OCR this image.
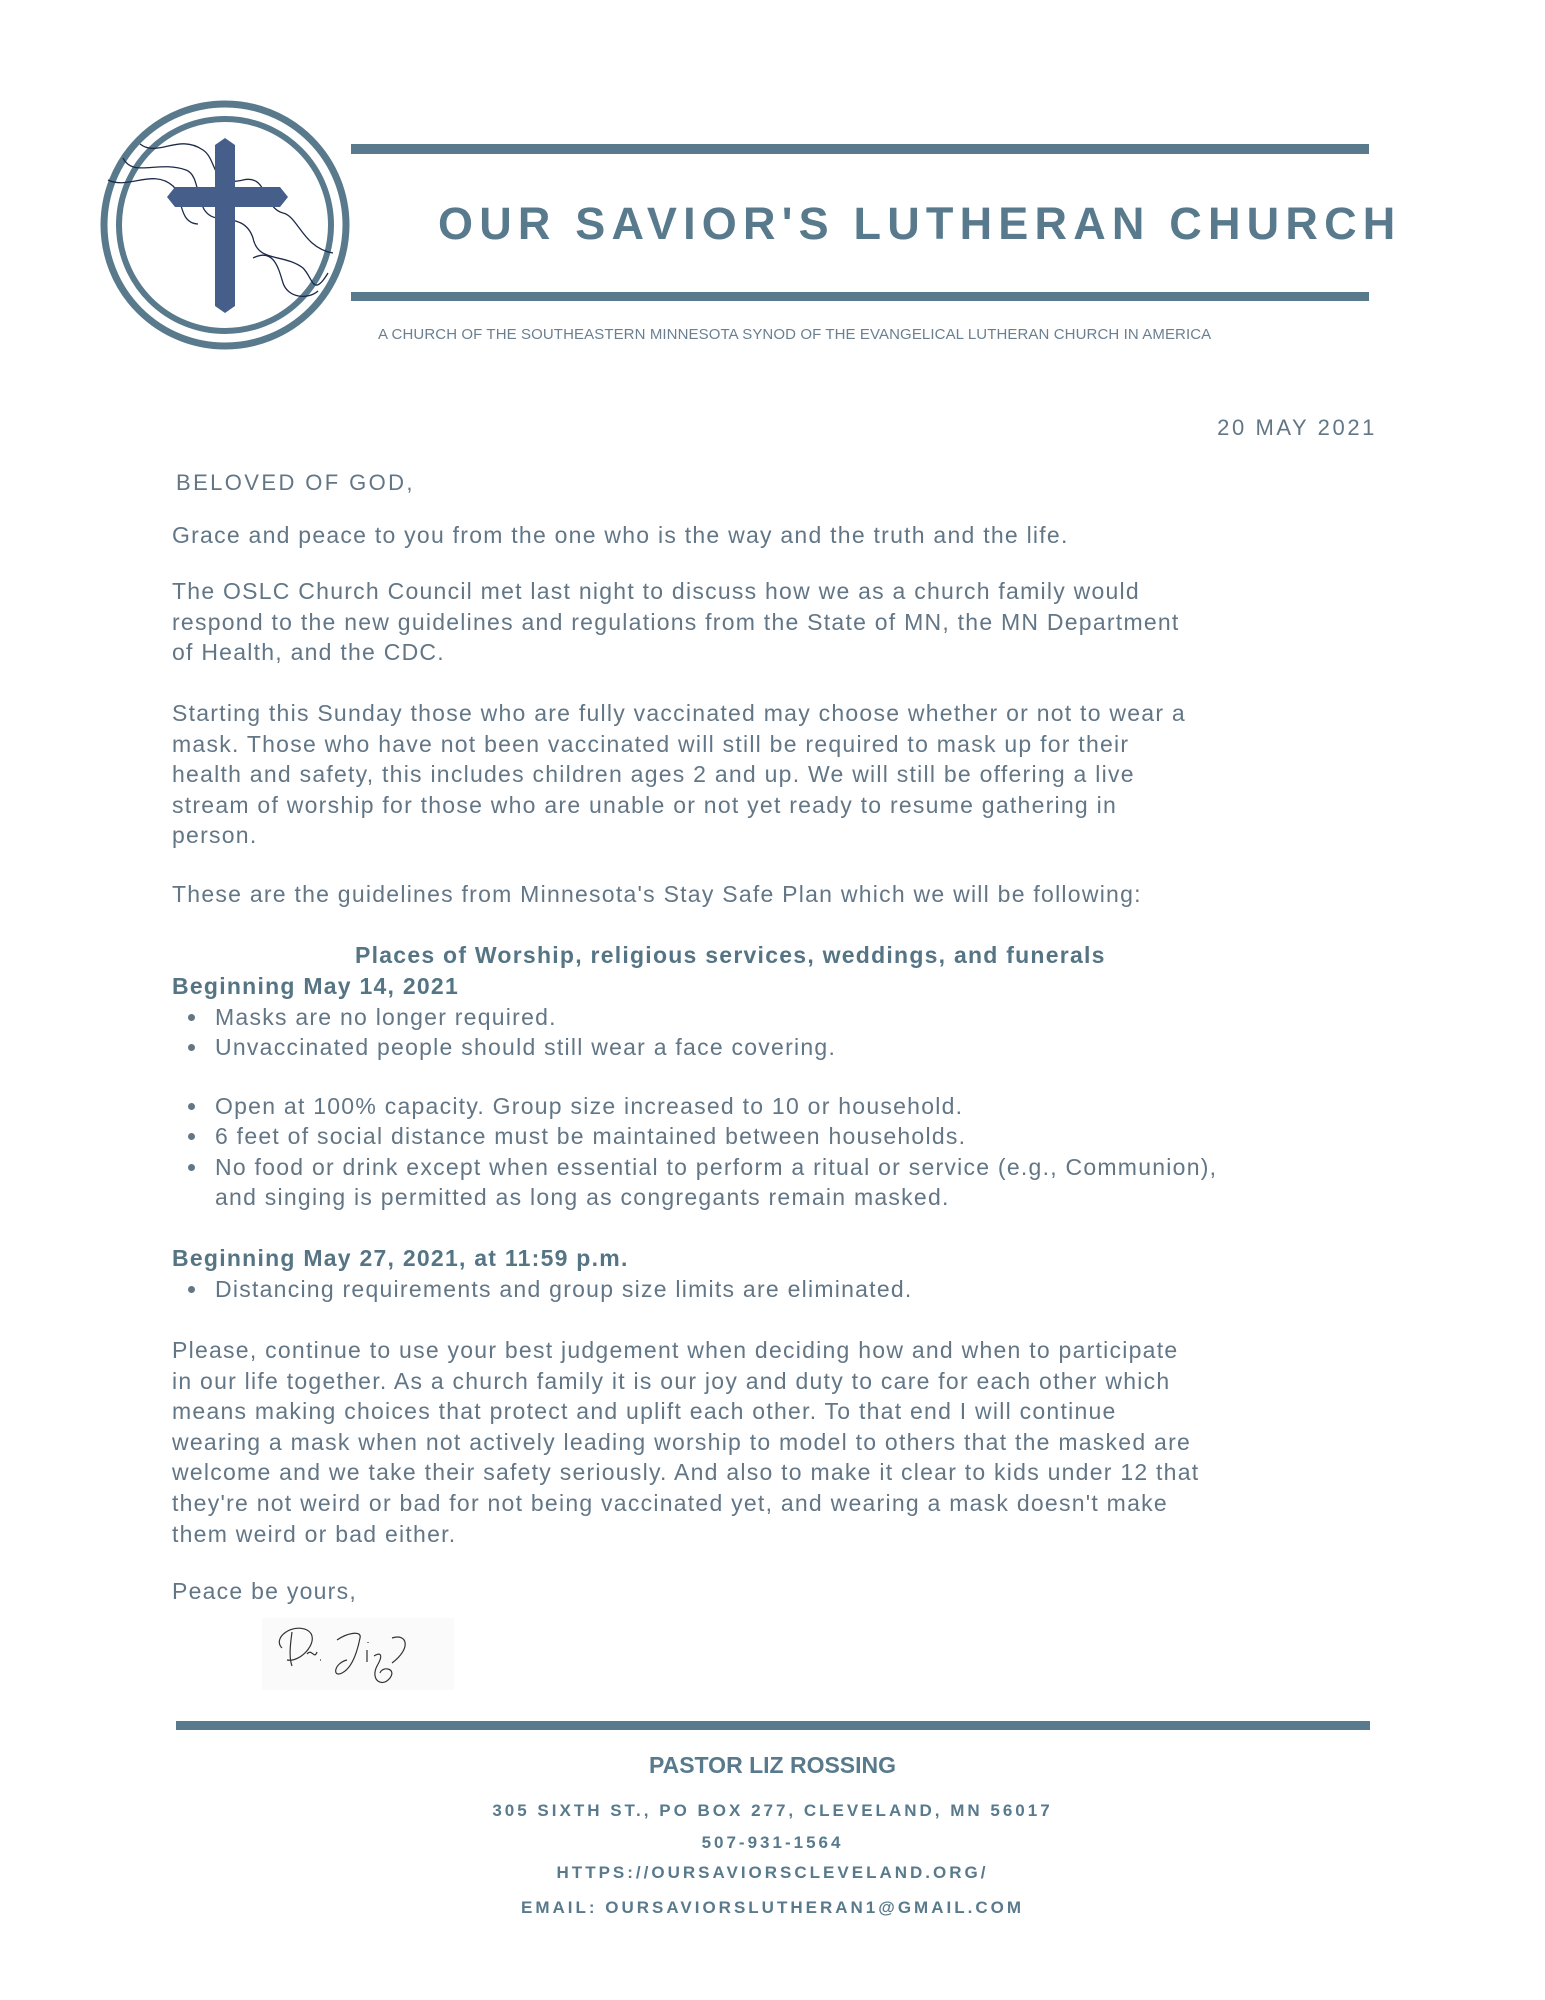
OUR SAVIOR'S LUTHERAN CHURCH
A CHURCH OF THE SOUTHEASTERN MINNESOTA SYNOD OF THE EVANGELICAL LUTHERAN CHURCH IN AMERICA
20 MAY 2021
BELOVED OF GOD,
Grace and peace to you from the one who is the way and the truth and the life.
The OSLC Church Council met last night to discuss how we as a church family would
respond to the new guidelines and regulations from the State of MN, the MN Department
of Health, and the CDC.
Starting this Sunday those who are fully vaccinated may choose whether or not to wear a
mask. Those who have not been vaccinated will still be required to mask up for their
health and safety, this includes children ages 2 and up. We will still be offering a live
stream of worship for those who are unable or not yet ready to resume gathering in
person.
These are the guidelines from Minnesota's Stay Safe Plan which we will be following:
Places of Worship, religious services, weddings, and funerals
Beginning May 14, 2021
Masks are no longer required.
Unvaccinated people should still wear a face covering.
Open at 100% capacity. Group size increased to 10 or household.
6 feet of social distance must be maintained between households.
No food or drink except when essential to perform a ritual or service (e.g., Communion),
and singing is permitted as long as congregants remain masked.
Beginning May 27, 2021, at 11:59 p.m.
Distancing requirements and group size limits are eliminated.
Please, continue to use your best judgement when deciding how and when to participate
in our life together. As a church family it is our joy and duty to care for each other which
means making choices that protect and uplift each other. To that end I will continue
wearing a mask when not actively leading worship to model to others that the masked are
welcome and we take their safety seriously. And also to make it clear to kids under 12 that
they're not weird or bad for not being vaccinated yet, and wearing a mask doesn't make
them weird or bad either.
Peace be yours,
PASTOR LIZ ROSSING
305 SIXTH ST., PO BOX 277, CLEVELAND, MN 56017
507-931-1564
HTTPS://OURSAVIORSCLEVELAND.ORG/
EMAIL: OURSAVIORSLUTHERAN1@GMAIL.COM
